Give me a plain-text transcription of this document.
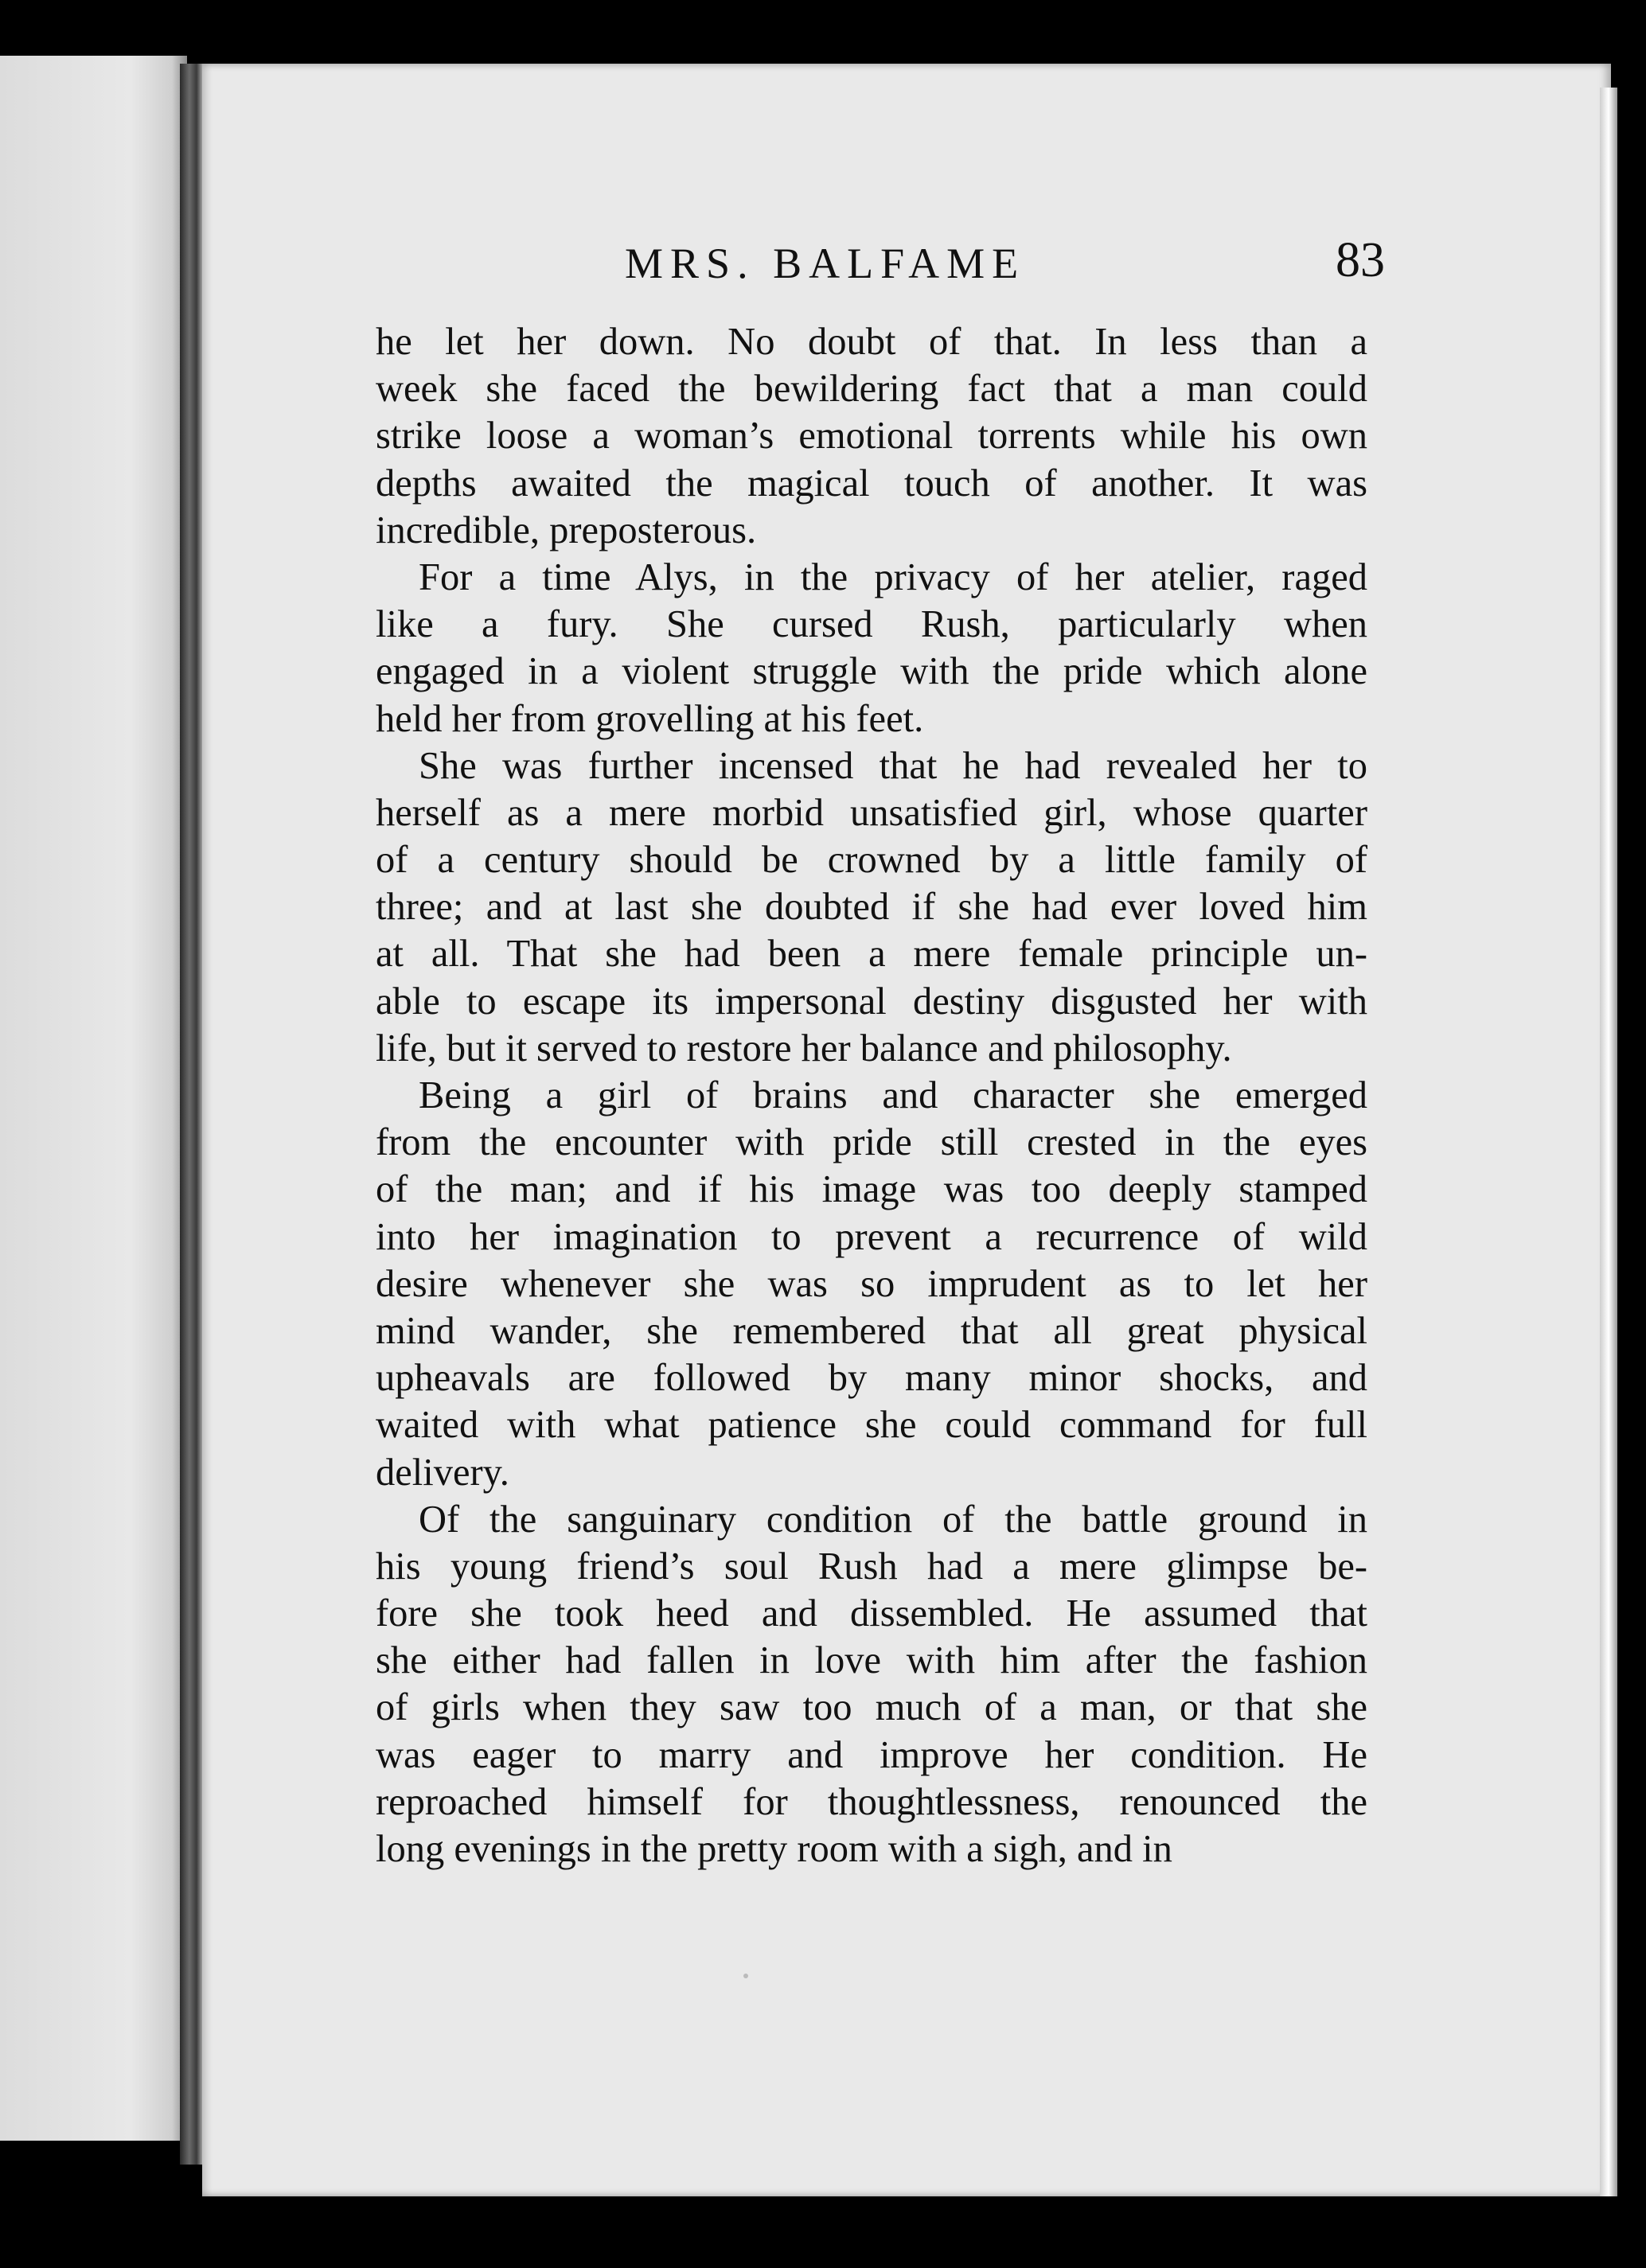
MRS. BALFAME	83
he let her down. No doubt of that. In less than a
week she faced the bewildering fact that a man could
strike loose a woman’s emotional torrents while his own
depths awaited the magical touch of another. It was
incredible, preposterous.
For a time Alys, in the privacy of her atelier, raged
like a fury. She cursed Rush, particularly when
engaged in a violent struggle with the pride which alone
held her from grovelling at his feet.
She was further incensed that he had revealed her to
herself as a mere morbid unsatisfied girl, whose quarter
of a century should be crowned by a little family of
three; and at last she doubted if she had ever loved him
at all. That she had been a mere female principle un-
able to escape its impersonal destiny disgusted her with
life, but it served to restore her balance and philosophy.
Being a girl of brains and character she emerged
from the encounter with pride still crested in the eyes
of the man; and if his image was too deeply stamped
into her imagination to prevent a recurrence of wild
desire whenever she was so imprudent as to let her
mind wander, she remembered that all great physical
upheavals are followed by many minor shocks, and
waited with what patience she could command for full
delivery.
Of the sanguinary condition of the battle ground in
his young friend’s soul Rush had a mere glimpse be-
fore she took heed and dissembled. He assumed that
she either had fallen in love with him after the fashion
of girls when they saw too much of a man, or that she
was eager to marry and improve her condition. He
reproached himself for thoughtlessness, renounced the
long evenings in the pretty room with a sigh, and in
